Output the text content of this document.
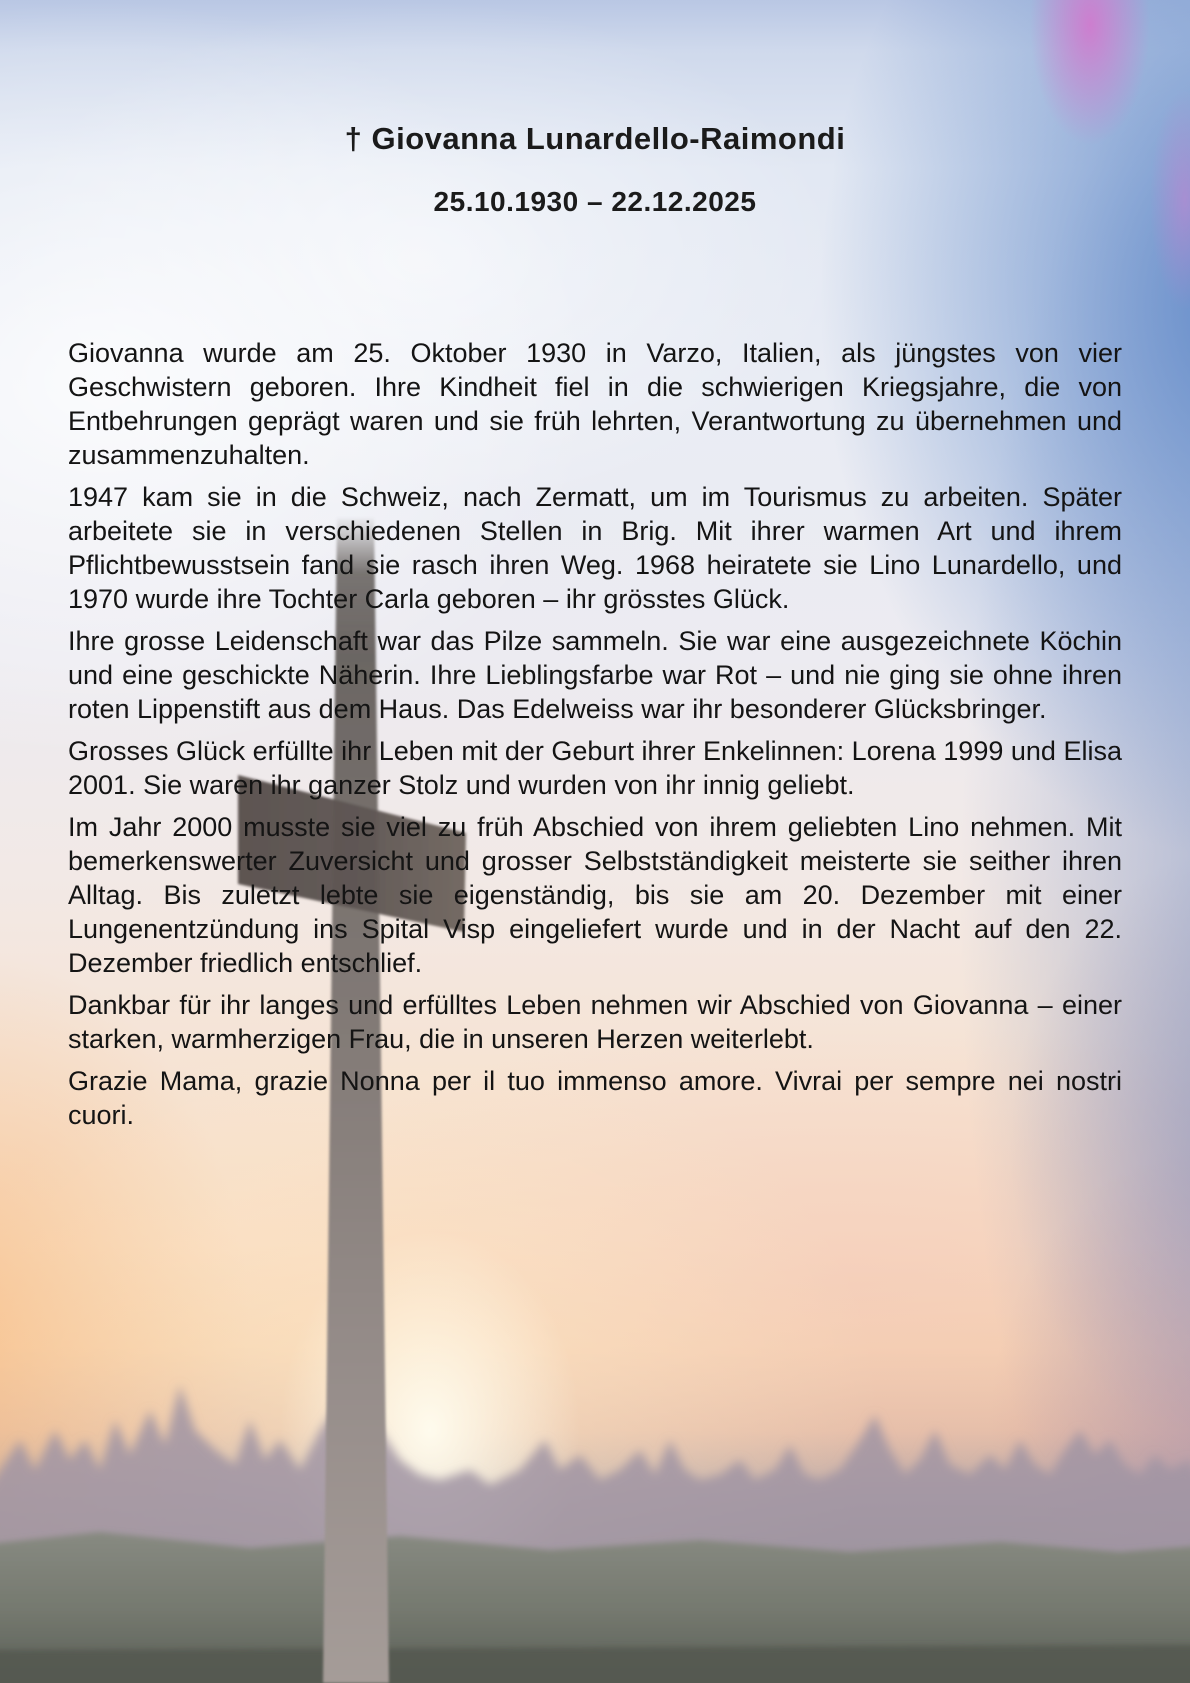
† Giovanna Lunardello-Raimondi
25.10.1930 – 22.12.2025

Giovanna wurde am 25. Oktober 1930 in Varzo, Italien, als jüngstes von vier Geschwistern geboren. Ihre Kindheit fiel in die schwierigen Kriegsjahre, die von Entbehrungen geprägt waren und sie früh lehrten, Verantwortung zu übernehmen und zusammenzuhalten.

1947 kam sie in die Schweiz, nach Zermatt, um im Tourismus zu arbeiten. Später arbeitete sie in verschiedenen Stellen in Brig. Mit ihrer warmen Art und ihrem Pflichtbewusstsein fand sie rasch ihren Weg. 1968 heiratete sie Lino Lunardello, und 1970 wurde ihre Tochter Carla geboren – ihr grösstes Glück.

Ihre grosse Leidenschaft war das Pilze sammeln. Sie war eine ausgezeichnete Köchin und eine geschickte Näherin. Ihre Lieblingsfarbe war Rot – und nie ging sie ohne ihren roten Lippenstift aus dem Haus. Das Edelweiss war ihr besonderer Glücksbringer.

Grosses Glück erfüllte ihr Leben mit der Geburt ihrer Enkelinnen: Lorena 1999 und Elisa 2001. Sie waren ihr ganzer Stolz und wurden von ihr innig geliebt.

Im Jahr 2000 musste sie viel zu früh Abschied von ihrem geliebten Lino nehmen. Mit bemerkenswerter Zuversicht und grosser Selbstständigkeit meisterte sie seither ihren Alltag. Bis zuletzt lebte sie eigenständig, bis sie am 20. Dezember mit einer Lungenentzündung ins Spital Visp eingeliefert wurde und in der Nacht auf den 22. Dezember friedlich entschlief.

Dankbar für ihr langes und erfülltes Leben nehmen wir Abschied von Giovanna – einer starken, warmherzigen Frau, die in unseren Herzen weiterlebt.

Grazie Mama, grazie Nonna per il tuo immenso amore. Vivrai per sempre nei nostri cuori.
